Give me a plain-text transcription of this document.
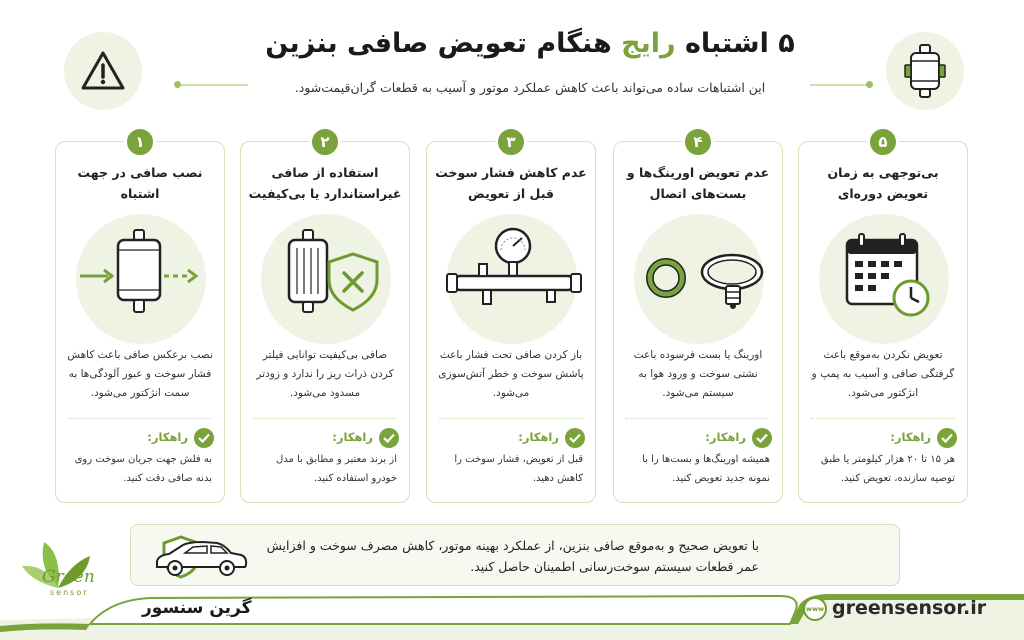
۵ اشتباه رایج هنگام تعویض صافی بنزین
این اشتباهات ساده می‌تواند باعث کاهش عملکرد موتور و آسیب به قطعات گران‌قیمت‌شود.
۵
بی‌توجهی به زمان تعویض دوره‌ای
تعویض نکردن به‌موقع باعث گرفتگی صافی و آسیب به پمپ و انژکتور می‌شود.
راهکار:
هر ۱۵ تا ۲۰ هزار کیلومتر یا طبق توصیه سازنده، تعویض کنید.
۴
عدم تعویض اورینگ‌ها و بست‌های اتصال
اورینگ یا بست فرسوده باعث نشتی سوخت و ورود هوا به سیستم می‌شود.
راهکار:
همیشه اورینگ‌ها و بست‌ها را با نمونه جدید تعویض کنید.
۳
عدم کاهش فشار سوخت قبل از تعویض
باز کردن صافی تحت فشار باعث پاشش سوخت و خطر آتش‌سوزی می‌شود.
راهکار:
قبل از تعویض، فشار سوخت را کاهش دهید.
۲
استفاده از صافی غیراستاندارد یا بی‌کیفیت
صافی بی‌کیفیت توانایی فیلتر کردن ذرات ریز را ندارد و زودتر مسدود می‌شود.
راهکار:
از برند معتبر و مطابق با مدل خودرو استفاده کنید.
۱
نصب صافی در جهت اشتباه
نصب برعکس صافی باعث کاهش فشار سوخت و عبور آلودگی‌ها به سمت انژکتور می‌شود.
راهکار:
به فلش جهت جریان سوخت روی بدنه صافی دقت کنید.
با تعویض صحیح و به‌موقع صافی بنزین، از عملکرد بهینه موتور، کاهش مصرف سوخت و افزایش عمر قطعات سیستم سوخت‌رسانی اطمینان حاصل کنید.
Green
sensor
گرین سنسور	www greensensor.ir
